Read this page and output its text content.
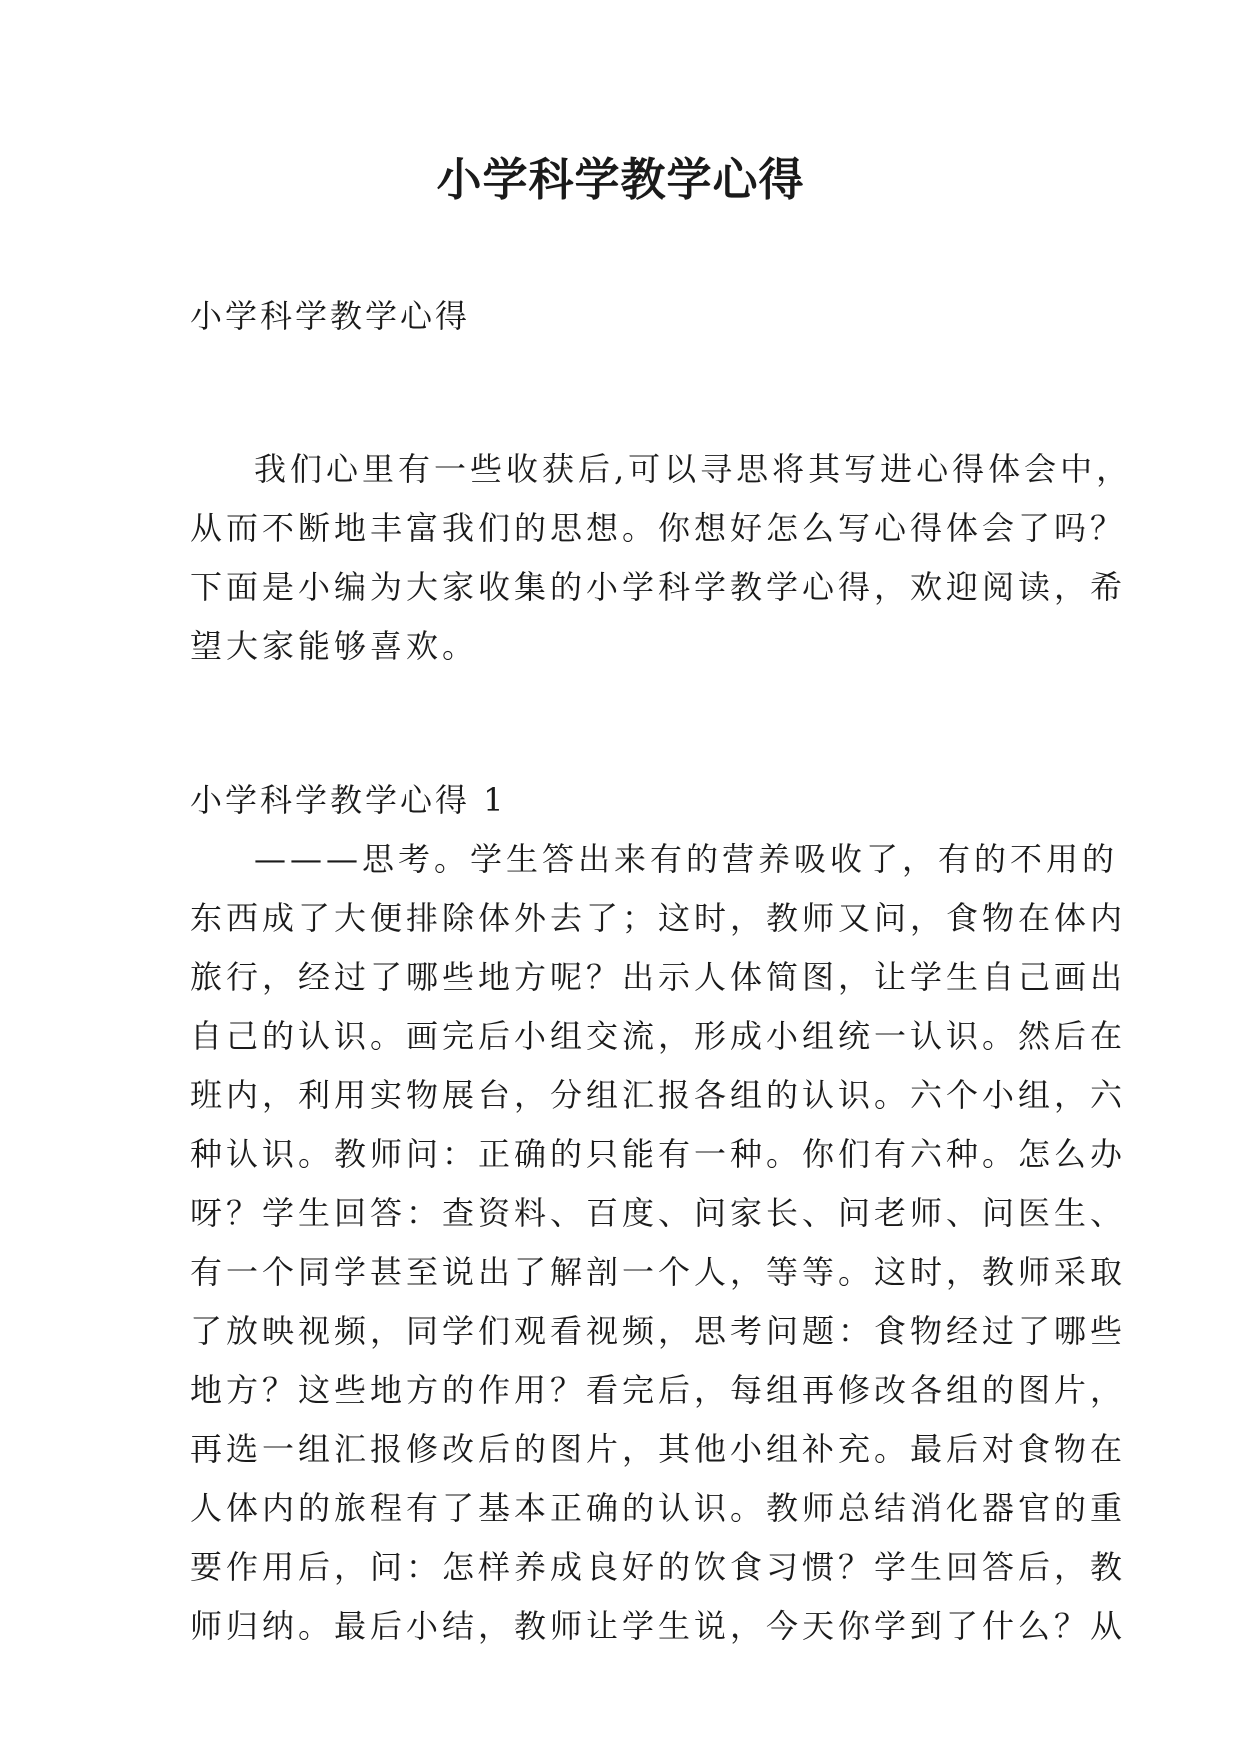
小学科学教学心得
小学科学教学心得
我们心里有一些收获后,可以寻思将其写进心得体会中，
从而不断地丰富我们的思想。你想好怎么写心得体会了吗？
下面是小编为大家收集的小学科学教学心得，欢迎阅读，希
望大家能够喜欢。
小学科学教学心得 1
———思考。学生答出来有的营养吸收了，有的不用的
东西成了大便排除体外去了；这时，教师又问，食物在体内
旅行，经过了哪些地方呢？出示人体简图，让学生自己画出
自己的认识。画完后小组交流，形成小组统一认识。然后在
班内，利用实物展台，分组汇报各组的认识。六个小组，六
种认识。教师问：正确的只能有一种。你们有六种。怎么办
呀？学生回答：查资料、百度、问家长、问老师、问医生、
有一个同学甚至说出了解剖一个人，等等。这时，教师采取
了放映视频，同学们观看视频，思考问题：食物经过了哪些
地方？这些地方的作用？看完后，每组再修改各组的图片，
再选一组汇报修改后的图片，其他小组补充。最后对食物在
人体内的旅程有了基本正确的认识。教师总结消化器官的重
要作用后，问：怎样养成良好的饮食习惯？学生回答后，教
师归纳。最后小结，教师让学生说，今天你学到了什么？从
